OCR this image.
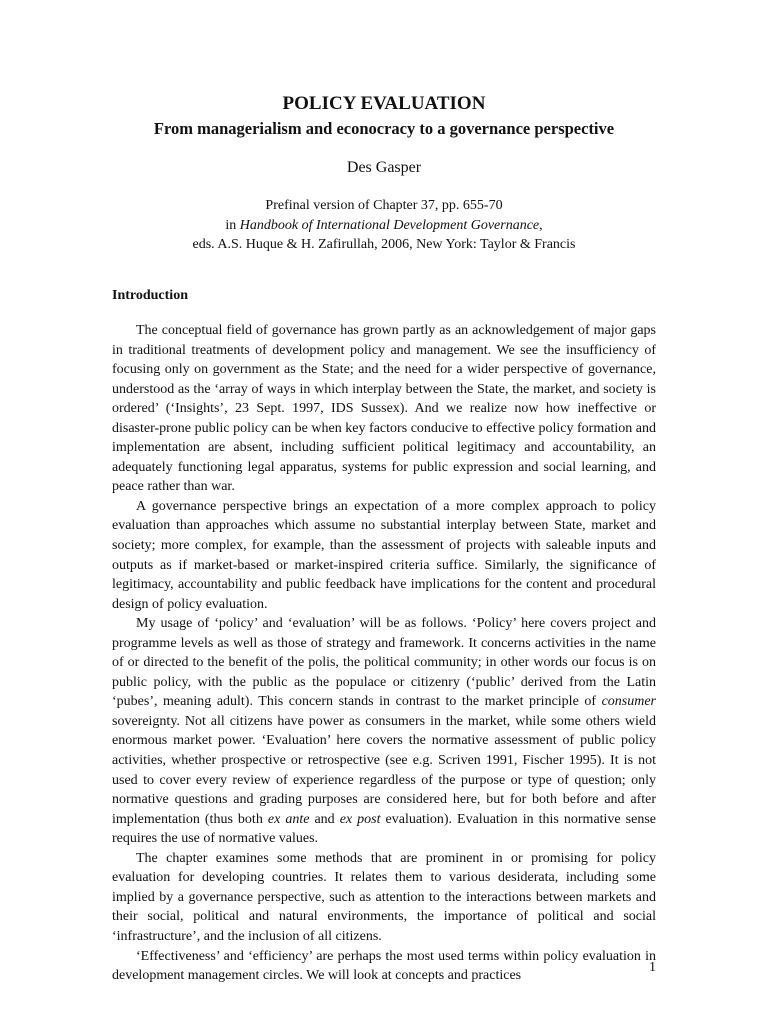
POLICY EVALUATION
From managerialism and econocracy to a governance perspective
Des Gasper
Prefinal version of Chapter 37, pp. 655-70
in Handbook of International Development Governance,
eds. A.S. Huque & H. Zafirullah, 2006, New York: Taylor & Francis
Introduction

The conceptual field of governance has grown partly as an acknowledgement of major gaps in traditional treatments of development policy and management. We see the insufficiency of focusing only on government as the State; and the need for a wider perspective of governance, understood as the ‘array of ways in which interplay between the State, the market, and society is ordered’ (‘Insights’, 23 Sept. 1997, IDS Sussex). And we realize now how ineffective or disaster-prone public policy can be when key factors conducive to effective policy formation and implementation are absent, including sufficient political legitimacy and accountability, an adequately functioning legal apparatus, systems for public expression and social learning, and peace rather than war.

A governance perspective brings an expectation of a more complex approach to policy evaluation than approaches which assume no substantial interplay between State, market and society; more complex, for example, than the assessment of projects with saleable inputs and outputs as if market-based or market-inspired criteria suffice. Similarly, the significance of legitimacy, accountability and public feedback have implications for the content and procedural design of policy evaluation.

My usage of ‘policy’ and ‘evaluation’ will be as follows. ‘Policy’ here covers project and programme levels as well as those of strategy and framework. It concerns activities in the name of or directed to the benefit of the polis, the political community; in other words our focus is on public policy, with the public as the populace or citizenry (‘public’ derived from the Latin ‘pubes’, meaning adult). This concern stands in contrast to the market principle of consumer sovereignty. Not all citizens have power as consumers in the market, while some others wield enormous market power. ‘Evaluation’ here covers the normative assessment of public policy activities, whether prospective or retrospective (see e.g. Scriven 1991, Fischer 1995). It is not used to cover every review of experience regardless of the purpose or type of question; only normative questions and grading purposes are considered here, but for both before and after implementation (thus both ex ante and ex post evaluation). Evaluation in this normative sense requires the use of normative values.

The chapter examines some methods that are prominent in or promising for policy evaluation for developing countries. It relates them to various desiderata, including some implied by a governance perspective, such as attention to the interactions between markets and their social, political and natural environments, the importance of political and social ‘infrastructure’, and the inclusion of all citizens.

‘Effectiveness’ and ‘efficiency’ are perhaps the most used terms within policy evaluation in development management circles. We will look at concepts and practices

1
